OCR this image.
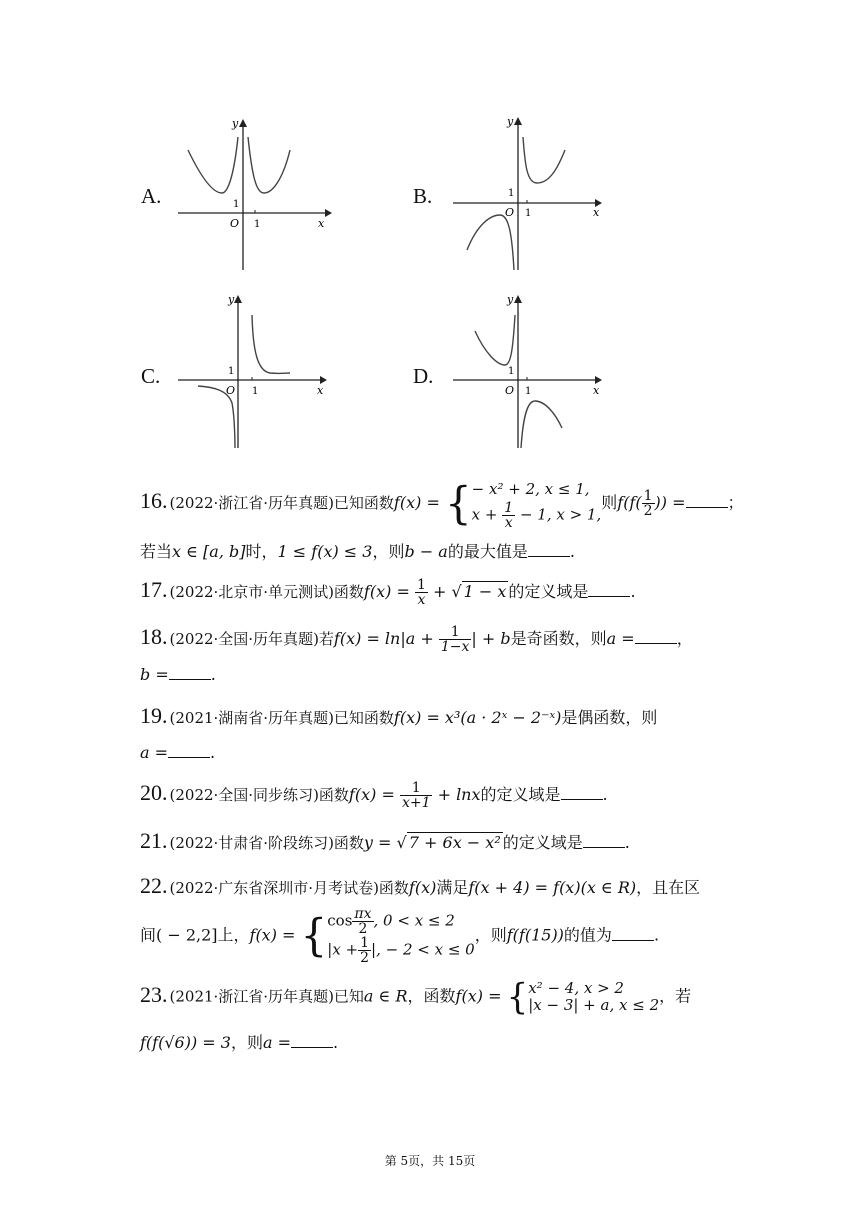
A.	B.
C.	D.
y
x
O 1
1
y
x
O 1
1
y
x
O 1
1
y
x
O 1
1
16. (2022·浙江省·历年真题)已知函数f(x) = { − x² + 2, x ≤ 1,
$x + \frac{1}{x} - 1$, x > 1,
则$f(f( \frac{1}{2}$ )) =	；
若当x ∈ [a, b]时，1 ≤ f(x) ≤ 3，则b − a的最大值是	.
17. (2022·北京市·单元测试)函数$f(x) = \frac{1}{x}$ + √ 1 − x 的定义域是	.
18. (2022·全国·历年真题)若$f(x) = \ln|a + \frac{1}{1-x}$ | + b是奇函数，则a =	，
b =	.
19. (2021·湖南省·历年真题)已知函数f(x) = x³(a · 2ˣ − 2⁻ˣ)是偶函数，则
a =	.
20. (2022·全国·同步练习)函数$f(x) = \frac{1}{x+1} + \ln x$的定义域是	.
21. (2022·甘肃省·阶段练习)函数y = √ 7 + 6x − x² 的定义域是	.
22. (2022·广东省深圳市·月考试卷)函数f(x)满足f(x + 4) = f(x)(x ∈ R)，且在区
间( − 2,2]上，f(x) = { $\cos \frac{\pi x}{2}$ , 0 < x ≤ 2
$|x + \frac{1}{2}$ |, − 2 < x ≤ 0
，则f(f(15))的值为	.
23. (2021·浙江省·历年真题)已知a ∈ R，函数f(x) = { x² − 4, x > 2
|x − 3| + a, x ≤ 2 ，若
f(f(√6)) = 3，则a =	.
第 5页，共 15页
